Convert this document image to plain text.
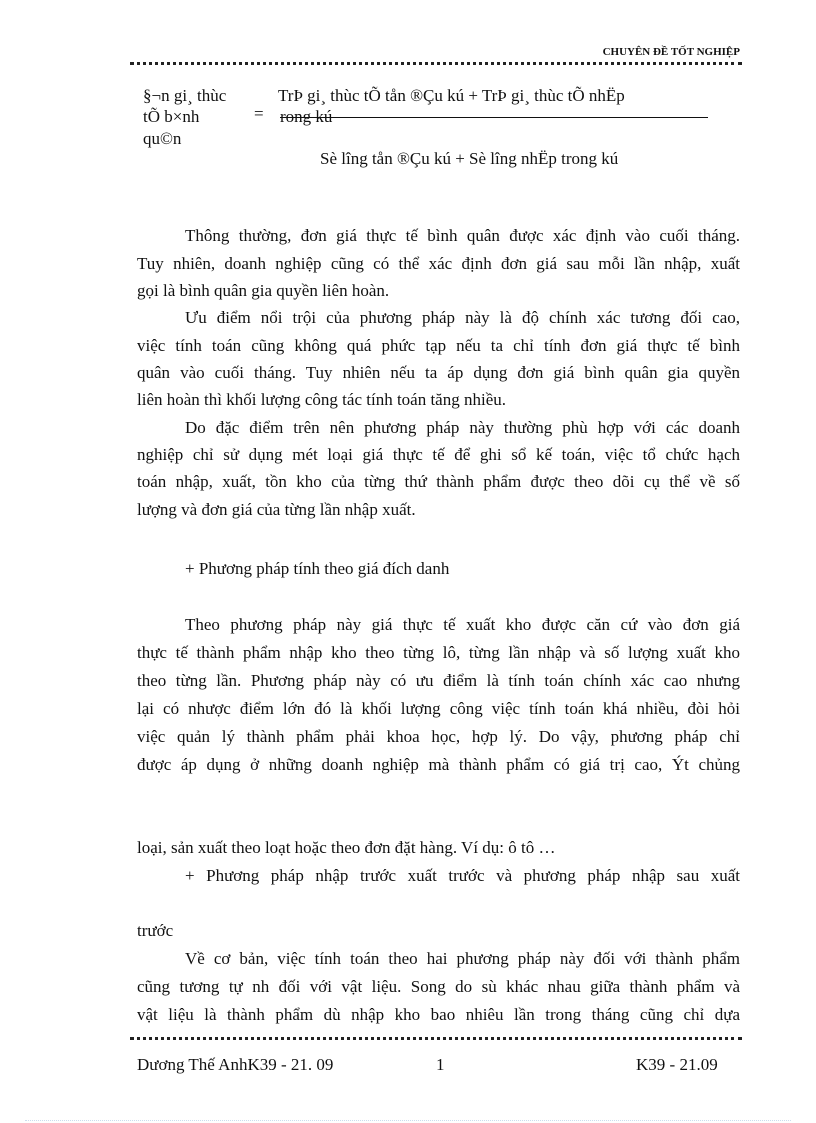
CHUYÊN ĐỀ TỐT NGHIỆP
§¬n gi¸ thùc
tÕ b×nh
qu©n
=
TrÞ gi¸ thùc tÕ tån ®Çu kú + TrÞ gi¸ thùc tÕ nhËp
rong kú
Sè lîng tån ®Çu kú + Sè lîng nhËp trong kú
Thông thường, đơn giá thực tế bình quân được xác định vào cuối tháng.
Tuy nhiên, doanh nghiệp cũng có thể xác định đơn giá sau mỗi lần nhập, xuất
gọi là bình quân gia quyền liên hoàn.
Ưu điểm nổi trội của phương pháp này là độ chính xác tương đối cao,
việc tính toán cũng không quá phức tạp nếu ta chỉ tính đơn giá thực tế bình
quân vào cuối tháng. Tuy nhiên nếu ta áp dụng đơn giá bình quân gia quyền
liên hoàn thì khối lượng công tác tính toán tăng nhiều.
Do đặc điểm trên nên phương pháp này thường phù hợp với các doanh
nghiệp chỉ sử dụng mét loại giá thực tế để ghi sổ kế toán, việc tổ chức hạch
toán nhập, xuất, tồn kho của từng thứ thành phẩm được theo dõi cụ thể về số
lượng và đơn giá của từng lần nhập xuất.
+ Phương pháp tính theo giá đích danh
Theo phương pháp này giá thực tế xuất kho được căn cứ vào đơn giá
thực tế thành phẩm nhập kho theo từng lô, từng lần nhập và số lượng xuất kho
theo từng lần. Phương pháp này có ưu điểm là tính toán chính xác cao nhưng
lại có nhược điểm lớn đó là khối lượng công việc tính toán khá nhiều, đòi hỏi
việc quản lý thành phẩm phải khoa học, hợp lý. Do vậy, phương pháp chỉ
được áp dụng ở những doanh nghiệp mà thành phẩm có giá trị cao, Ýt chủng
loại, sản xuất theo loạt hoặc theo đơn đặt hàng. Ví dụ: ô tô …
+ Phương pháp nhập trước xuất trước và phương pháp nhập sau xuất
trước
Về cơ bản, việc tính toán theo hai phương pháp này đối với thành phẩm
cũng tương tự nh đối với vật liệu. Song do sù khác nhau giữa thành phẩm và
vật liệu là thành phẩm dù nhập kho bao nhiêu lần trong tháng cũng chỉ dựa
Dương Thế AnhK39 - 21. 09	1	K39 - 21.09
